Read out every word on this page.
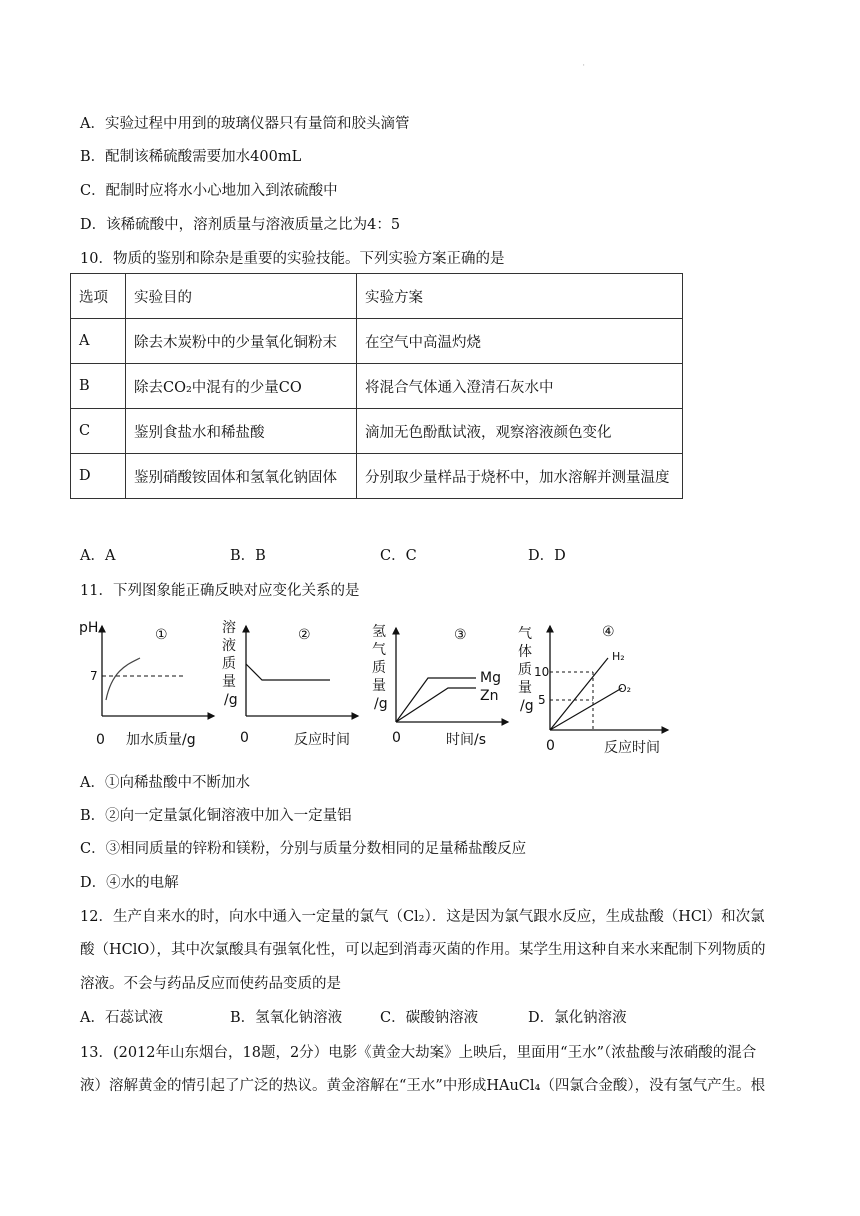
'
A．实验过程中用到的玻璃仪器只有量筒和胶头滴管
B．配制该稀硫酸需要加水400mL
C．配制时应将水小心地加入到浓硫酸中
D．该稀硫酸中，溶剂质量与溶液质量之比为4：5
10．物质的鉴别和除杂是重要的实验技能。下列实验方案正确的是
选项	实验目的	实验方案
A	除去木炭粉中的少量氧化铜粉末	在空气中高温灼烧
B	除去CO₂中混有的少量CO	将混合气体通入澄清石灰水中
C	鉴别食盐水和稀盐酸	滴加无色酚酞试液，观察溶液颜色变化
D	鉴别硝酸铵固体和氢氧化钠固体	分别取少量样品于烧杯中，加水溶解并测量温度
A．A	B．B	C．C	D．D
11．下列图象能正确反映对应变化关系的是
pH
7
①
0 加水质量/g
溶
液
质
量
/g
②
0	反应时间
氢
气
质
量
/g
③
Mg
Zn
0	时间/s
气
体
质
量
/g
10
5
④
H₂
O₂
0	反应时间
A．①向稀盐酸中不断加水
B．②向一定量氯化铜溶液中加入一定量铝
C．③相同质量的锌粉和镁粉，分别与质量分数相同的足量稀盐酸反应
D．④水的电解
12．生产自来水的时，向水中通入一定量的氯气（Cl₂）．这是因为氯气跟水反应，生成盐酸（HCl）和次氯
酸（HClO），其中次氯酸具有强氧化性，可以起到消毒灭菌的作用。某学生用这种自来水来配制下列物质的
溶液。不会与药品反应而使药品变质的是
A．石蕊试液	B．氢氧化钠溶液	C．碳酸钠溶液	D．氯化钠溶液
13．(2012年山东烟台，18题，2分）电影《黄金大劫案》上映后，里面用“王水”（浓盐酸与浓硝酸的混合
液）溶解黄金的情引起了广泛的热议。黄金溶解在“王水”中形成HAuCl₄（四氯合金酸），没有氢气产生。根
